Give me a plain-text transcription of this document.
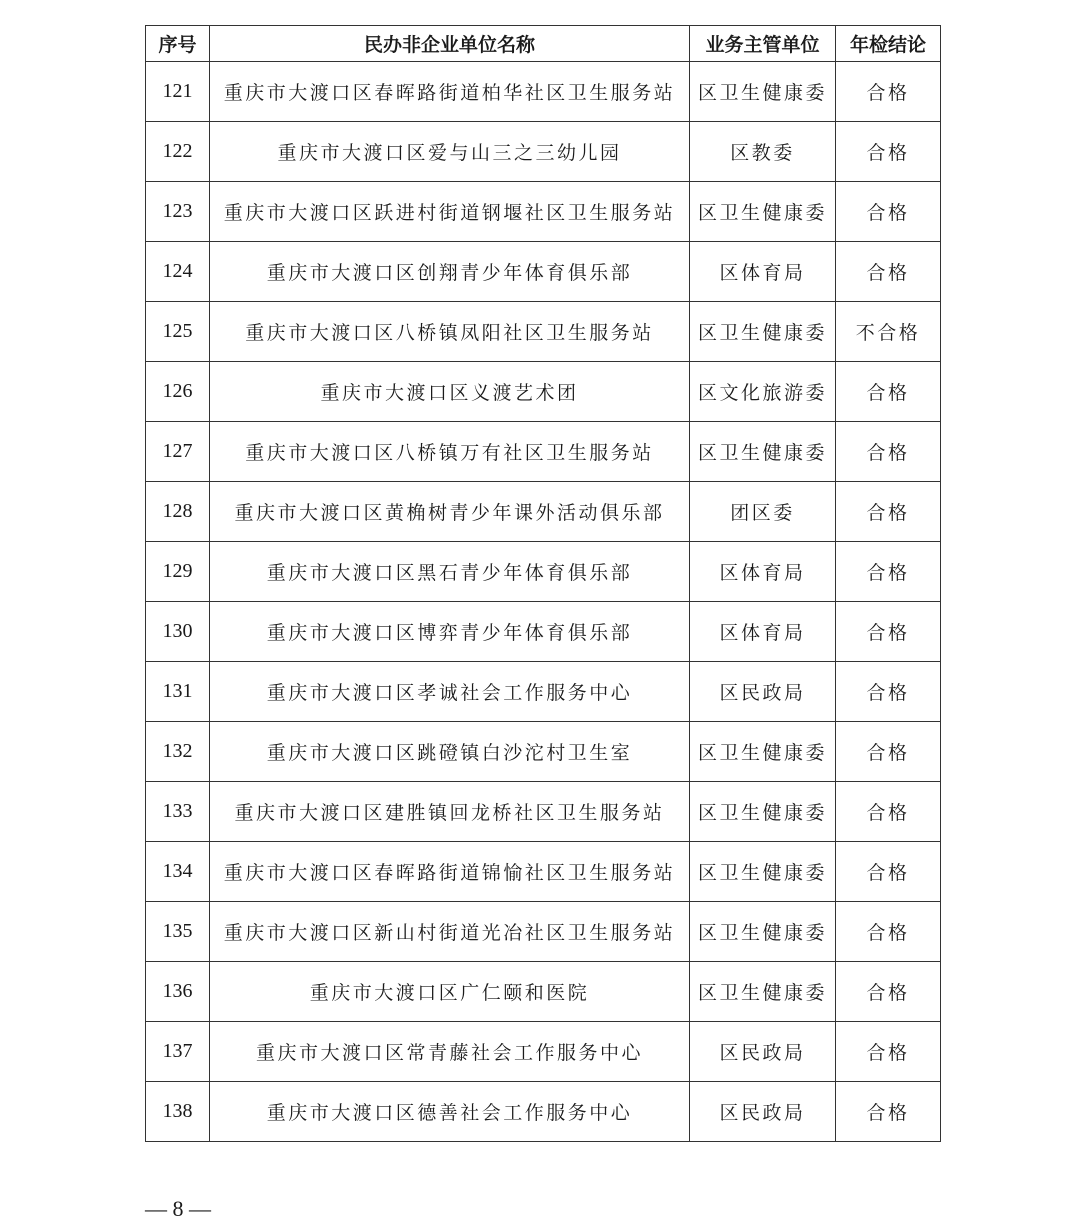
序号	民办非企业单位名称	业务主管单位	年检结论
121	重庆市大渡口区春晖路街道柏华社区卫生服务站	区卫生健康委	合格
122	重庆市大渡口区爱与山三之三幼儿园	区教委	合格
123	重庆市大渡口区跃进村街道钢堰社区卫生服务站	区卫生健康委	合格
124	重庆市大渡口区创翔青少年体育俱乐部	区体育局	合格
125	重庆市大渡口区八桥镇凤阳社区卫生服务站	区卫生健康委	不合格
126	重庆市大渡口区义渡艺术团	区文化旅游委	合格
127	重庆市大渡口区八桥镇万有社区卫生服务站	区卫生健康委	合格
128	重庆市大渡口区黄桷树青少年课外活动俱乐部	团区委	合格
129	重庆市大渡口区黑石青少年体育俱乐部	区体育局	合格
130	重庆市大渡口区博弈青少年体育俱乐部	区体育局	合格
131	重庆市大渡口区孝诚社会工作服务中心	区民政局	合格
132	重庆市大渡口区跳磴镇白沙沱村卫生室	区卫生健康委	合格
133	重庆市大渡口区建胜镇回龙桥社区卫生服务站	区卫生健康委	合格
134	重庆市大渡口区春晖路街道锦愉社区卫生服务站	区卫生健康委	合格
135	重庆市大渡口区新山村街道光冶社区卫生服务站	区卫生健康委	合格
136	重庆市大渡口区广仁颐和医院	区卫生健康委	合格
137	重庆市大渡口区常青藤社会工作服务中心	区民政局	合格
138	重庆市大渡口区德善社会工作服务中心	区民政局	合格
— 8 —
